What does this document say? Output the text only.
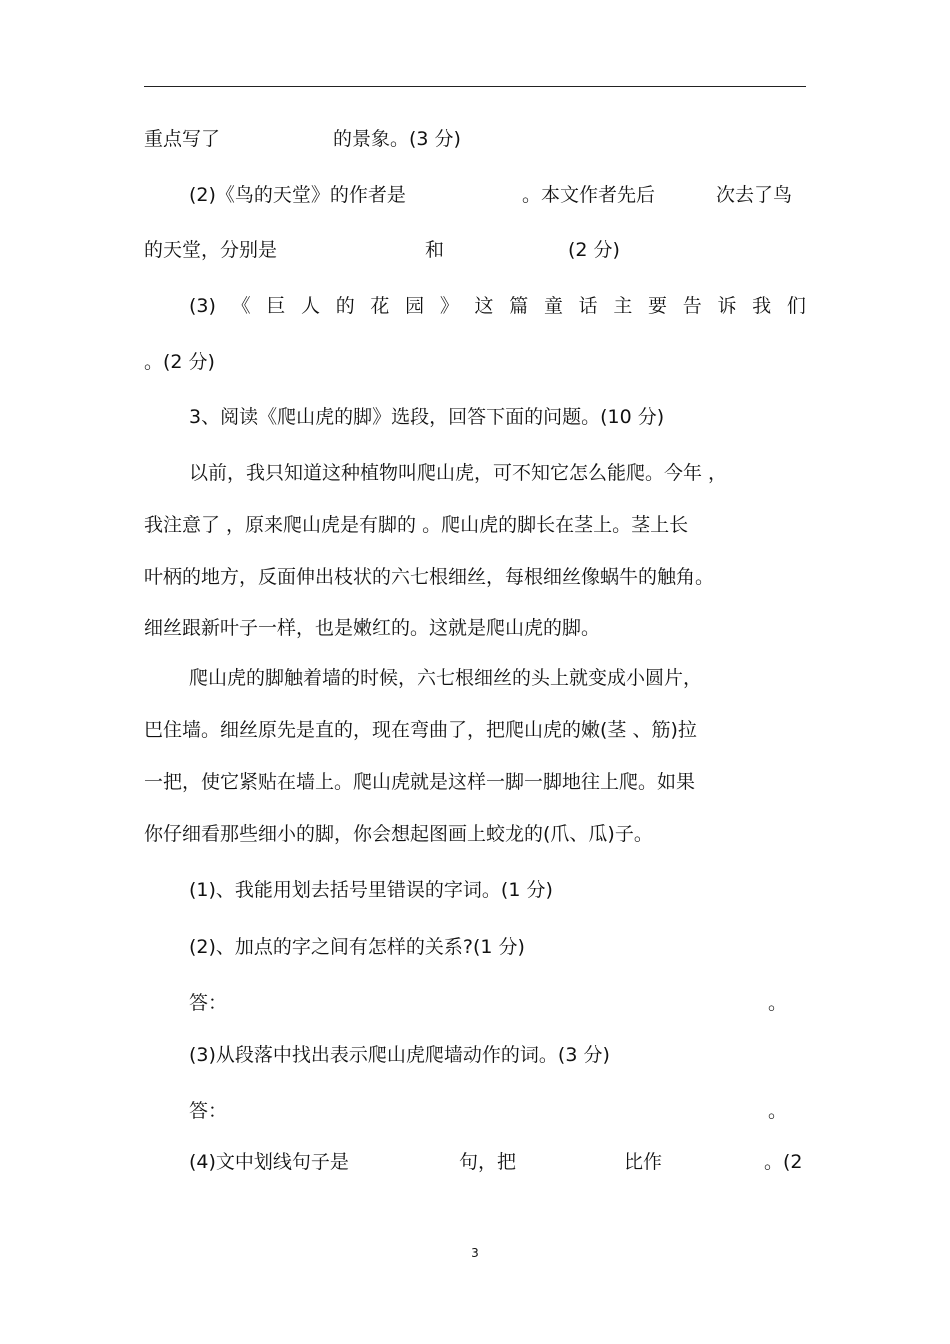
重点写了	的景象。(3 分)
(2)《鸟的天堂》的作者是	。本文作者先后	次去了鸟
的天堂，分别是	和	(2 分)
(3) 《 巨 人 的 花 园 》 这 篇 童 话 主 要 告 诉 我 们
。(2 分)
3、阅读《爬山虎的脚》选段，回答下面的问题。(10 分)
以前，我只知道这种植物叫爬山虎，可不知它怎么能爬。今年 ，
我注意了 ，原来爬山虎是有脚的 。爬山虎的脚长在茎上。茎上长
叶柄的地方，反面伸出枝状的六七根细丝，每根细丝像蜗牛的触角。
细丝跟新叶子一样，也是嫩红的。这就是爬山虎的脚。
爬山虎的脚触着墙的时候，六七根细丝的头上就变成小圆片，
巴住墙。细丝原先是直的，现在弯曲了，把爬山虎的嫩(茎 、筋)拉
一把，使它紧贴在墙上。爬山虎就是这样一脚一脚地往上爬。如果
你仔细看那些细小的脚，你会想起图画上蛟龙的(爪、瓜)子。
(1)、我能用划去括号里错误的字词。(1 分)
(2)、加点的字之间有怎样的关系?(1 分)
答：	。
(3)从段落中找出表示爬山虎爬墙动作的词。(3 分)
答：	。
(4)文中划线句子是	句，把	比作	。(2
3
